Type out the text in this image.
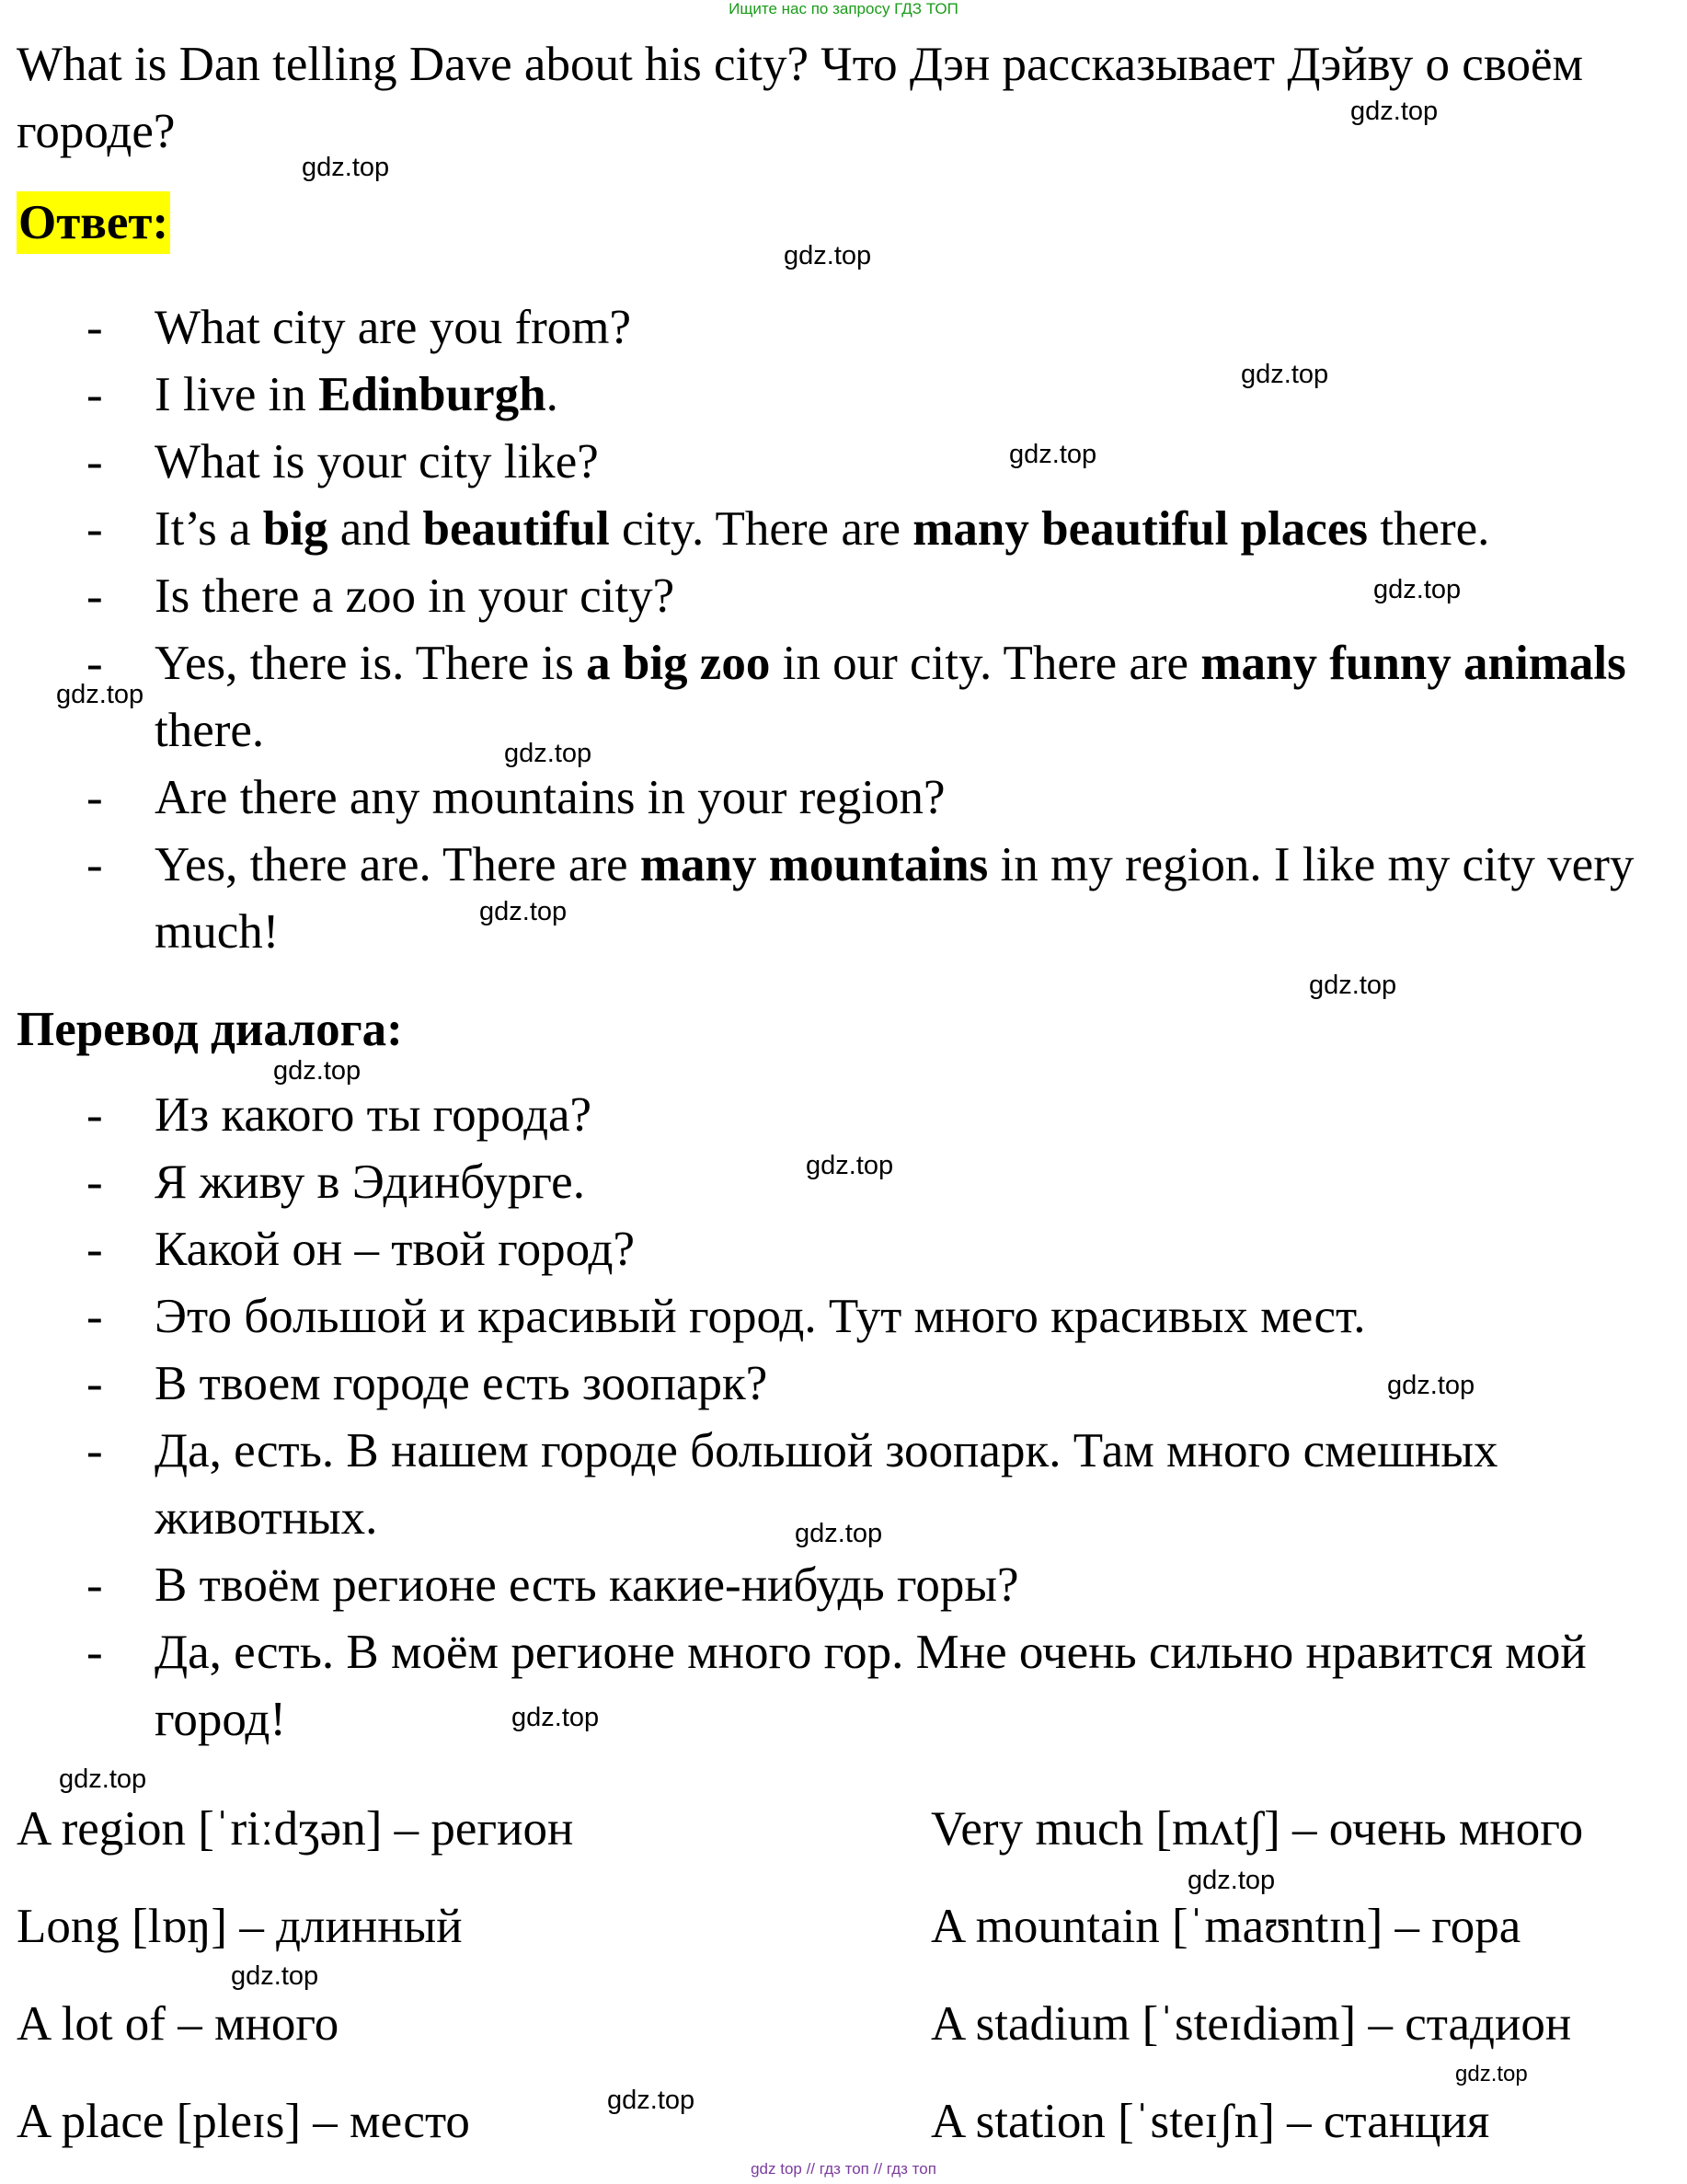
Ищите нас по запросу ГДЗ ТОП
What is Dan telling Dave about his city? Что Дэн рассказывает Дэйву о своём городе?
Ответ:
- What city are you from?
- I live in Edinburgh.
- What is your city like?
- It’s a big and beautiful city. There are many beautiful places there.
- Is there a zoo in your city?
- Yes, there is. There is a big zoo in our city. There are many funny animals there.
- Are there any mountains in your region?
- Yes, there are. There are many mountains in my region. I like my city very much!
Перевод диалога:
- Из какого ты города?
- Я живу в Эдинбурге.
- Какой он – твой город?
- Это большой и красивый город. Тут много красивых мест.
- В твоем городе есть зоопарк?
- Да, есть. В нашем городе большой зоопарк. Там много смешных животных.
- В твоём регионе есть какие-нибудь горы?
- Да, есть. В моём регионе много гор. Мне очень сильно нравится мой город!
A region [ˈriːdʒən] – регион
Long [lɒŋ] – длинный
A lot of – много
A place [pleɪs] – место
Very much [mʌtʃ] – очень много
A mountain [ˈmaʊntɪn] – гора
A stadium [ˈsteɪdiəm] – стадион
A station [ˈsteɪʃn] – станция
gdz.top
gdz.top
gdz.top
gdz.top
gdz.top
gdz.top
gdz.top
gdz.top
gdz.top
gdz.top
gdz.top
gdz.top
gdz.top
gdz.top
gdz.top
gdz.top
gdz.top
gdz.top
gdz.top
gdz.top
gdz top // гдз топ // гдз топ
